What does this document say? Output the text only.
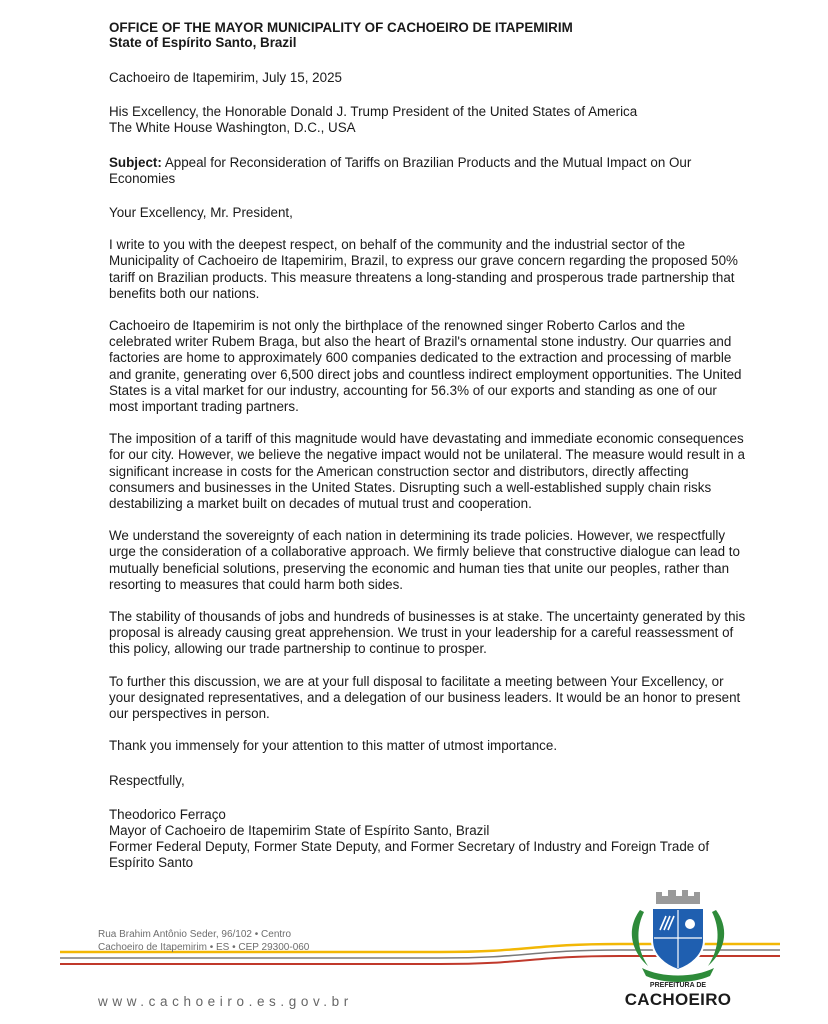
OFFICE OF THE MAYOR MUNICIPALITY OF CACHOEIRO DE ITAPEMIRIM
State of Espírito Santo, Brazil

Cachoeiro de Itapemirim, July 15, 2025

His Excellency, the Honorable Donald J. Trump President of the United States of America
The White House Washington, D.C., USA

Subject: Appeal for Reconsideration of Tariffs on Brazilian Products and the Mutual Impact on Our Economies

Your Excellency, Mr. President,

I write to you with the deepest respect, on behalf of the community and the industrial sector of the Municipality of Cachoeiro de Itapemirim, Brazil, to express our grave concern regarding the proposed 50% tariff on Brazilian products. This measure threatens a long-standing and prosperous trade partnership that benefits both our nations.

Cachoeiro de Itapemirim is not only the birthplace of the renowned singer Roberto Carlos and the celebrated writer Rubem Braga, but also the heart of Brazil's ornamental stone industry. Our quarries and factories are home to approximately 600 companies dedicated to the extraction and processing of marble and granite, generating over 6,500 direct jobs and countless indirect employment opportunities. The United States is a vital market for our industry, accounting for 56.3% of our exports and standing as one of our most important trading partners.

The imposition of a tariff of this magnitude would have devastating and immediate economic consequences for our city. However, we believe the negative impact would not be unilateral. The measure would result in a significant increase in costs for the American construction sector and distributors, directly affecting consumers and businesses in the United States. Disrupting such a well-established supply chain risks destabilizing a market built on decades of mutual trust and cooperation.

We understand the sovereignty of each nation in determining its trade policies. However, we respectfully urge the consideration of a collaborative approach. We firmly believe that constructive dialogue can lead to mutually beneficial solutions, preserving the economic and human ties that unite our peoples, rather than resorting to measures that could harm both sides.

The stability of thousands of jobs and hundreds of businesses is at stake. The uncertainty generated by this proposal is already causing great apprehension. We trust in your leadership for a careful reassessment of this policy, allowing our trade partnership to continue to prosper.

To further this discussion, we are at your full disposal to facilitate a meeting between Your Excellency, or your designated representatives, and a delegation of our business leaders. It would be an honor to present our perspectives in person.

Thank you immensely for your attention to this matter of utmost importance.

Respectfully,

Theodorico Ferraço
Mayor of Cachoeiro de Itapemirim State of Espírito Santo, Brazil
Former Federal Deputy, Former State Deputy, and Former Secretary of Industry and Foreign Trade of Espírito Santo
Rua Brahim Antônio Seder, 96/102 • Centro
Cachoeiro de Itapemirim • ES • CEP 29300-060
www.cachoeiro.es.gov.br
PREFEITURA DE
CACHOEIRO
